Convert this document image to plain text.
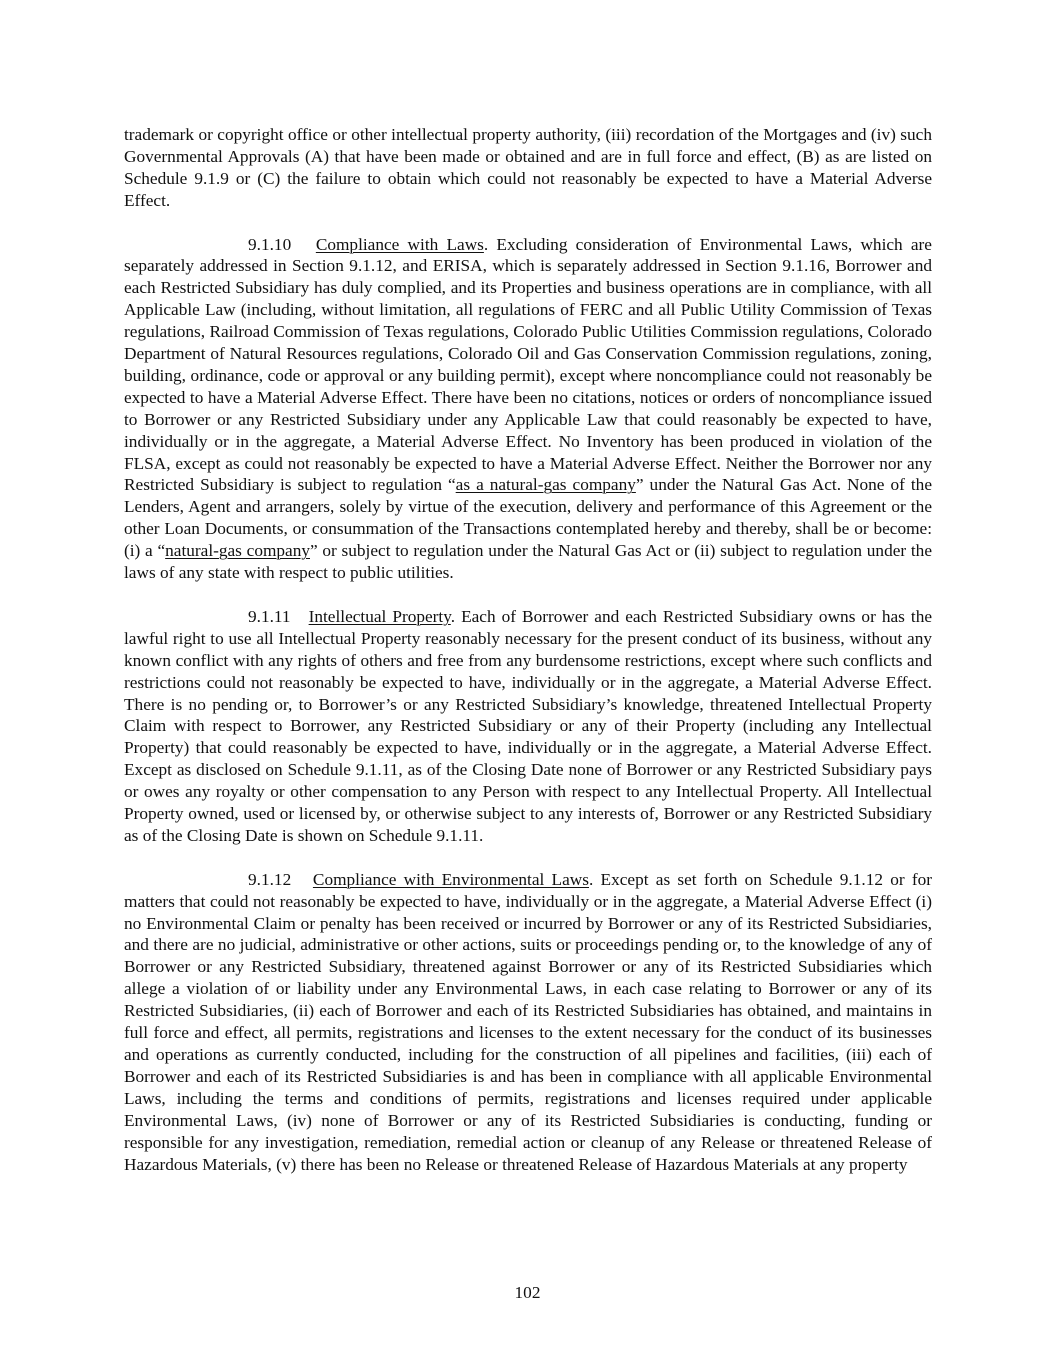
trademark or copyright office or other intellectual property authority, (iii) recordation of the Mortgages and (iv) such Governmental Approvals (A) that have been made or obtained and are in full force and effect, (B) as are listed on Schedule 9.1.9 or (C) the failure to obtain which could not reasonably be expected to have a Material Adverse Effect.

9.1.10 Compliance with Laws. Excluding consideration of Environmental Laws, which are separately addressed in Section 9.1.12, and ERISA, which is separately addressed in Section 9.1.16, Borrower and each Restricted Subsidiary has duly complied, and its Properties and business operations are in compliance, with all Applicable Law (including, without limitation, all regulations of FERC and all Public Utility Commission of Texas regulations, Railroad Commission of Texas regulations, Colorado Public Utilities Commission regulations, Colorado Department of Natural Resources regulations, Colorado Oil and Gas Conservation Commission regulations, zoning, building, ordinance, code or approval or any building permit), except where noncompliance could not reasonably be expected to have a Material Adverse Effect. There have been no citations, notices or orders of noncompliance issued to Borrower or any Restricted Subsidiary under any Applicable Law that could reasonably be expected to have, individually or in the aggregate, a Material Adverse Effect. No Inventory has been produced in violation of the FLSA, except as could not reasonably be expected to have a Material Adverse Effect. Neither the Borrower nor any Restricted Subsidiary is subject to regulation “as a natural-gas company” under the Natural Gas Act. None of the Lenders, Agent and arrangers, solely by virtue of the execution, delivery and performance of this Agreement or the other Loan Documents, or consummation of the Transactions contemplated hereby and thereby, shall be or become: (i) a “natural-gas company” or subject to regulation under the Natural Gas Act or (ii) subject to regulation under the laws of any state with respect to public utilities.

9.1.11 Intellectual Property. Each of Borrower and each Restricted Subsidiary owns or has the lawful right to use all Intellectual Property reasonably necessary for the present conduct of its business, without any known conflict with any rights of others and free from any burdensome restrictions, except where such conflicts and restrictions could not reasonably be expected to have, individually or in the aggregate, a Material Adverse Effect. There is no pending or, to Borrower’s or any Restricted Subsidiary’s knowledge, threatened Intellectual Property Claim with respect to Borrower, any Restricted Subsidiary or any of their Property (including any Intellectual Property) that could reasonably be expected to have, individually or in the aggregate, a Material Adverse Effect. Except as disclosed on Schedule 9.1.11, as of the Closing Date none of Borrower or any Restricted Subsidiary pays or owes any royalty or other compensation to any Person with respect to any Intellectual Property. All Intellectual Property owned, used or licensed by, or otherwise subject to any interests of, Borrower or any Restricted Subsidiary as of the Closing Date is shown on Schedule 9.1.11.

9.1.12 Compliance with Environmental Laws. Except as set forth on Schedule 9.1.12 or for matters that could not reasonably be expected to have, individually or in the aggregate, a Material Adverse Effect (i) no Environmental Claim or penalty has been received or incurred by Borrower or any of its Restricted Subsidiaries, and there are no judicial, administrative or other actions, suits or proceedings pending or, to the knowledge of any of Borrower or any Restricted Subsidiary, threatened against Borrower or any of its Restricted Subsidiaries which allege a violation of or liability under any Environmental Laws, in each case relating to Borrower or any of its Restricted Subsidiaries, (ii) each of Borrower and each of its Restricted Subsidiaries has obtained, and maintains in full force and effect, all permits, registrations and licenses to the extent necessary for the conduct of its businesses and operations as currently conducted, including for the construction of all pipelines and facilities, (iii) each of Borrower and each of its Restricted Subsidiaries is and has been in compliance with all applicable Environmental Laws, including the terms and conditions of permits, registrations and licenses required under applicable Environmental Laws, (iv) none of Borrower or any of its Restricted Subsidiaries is conducting, funding or responsible for any investigation, remediation, remedial action or cleanup of any Release or threatened Release of Hazardous Materials, (v) there has been no Release or threatened Release of Hazardous Materials at any property

102
